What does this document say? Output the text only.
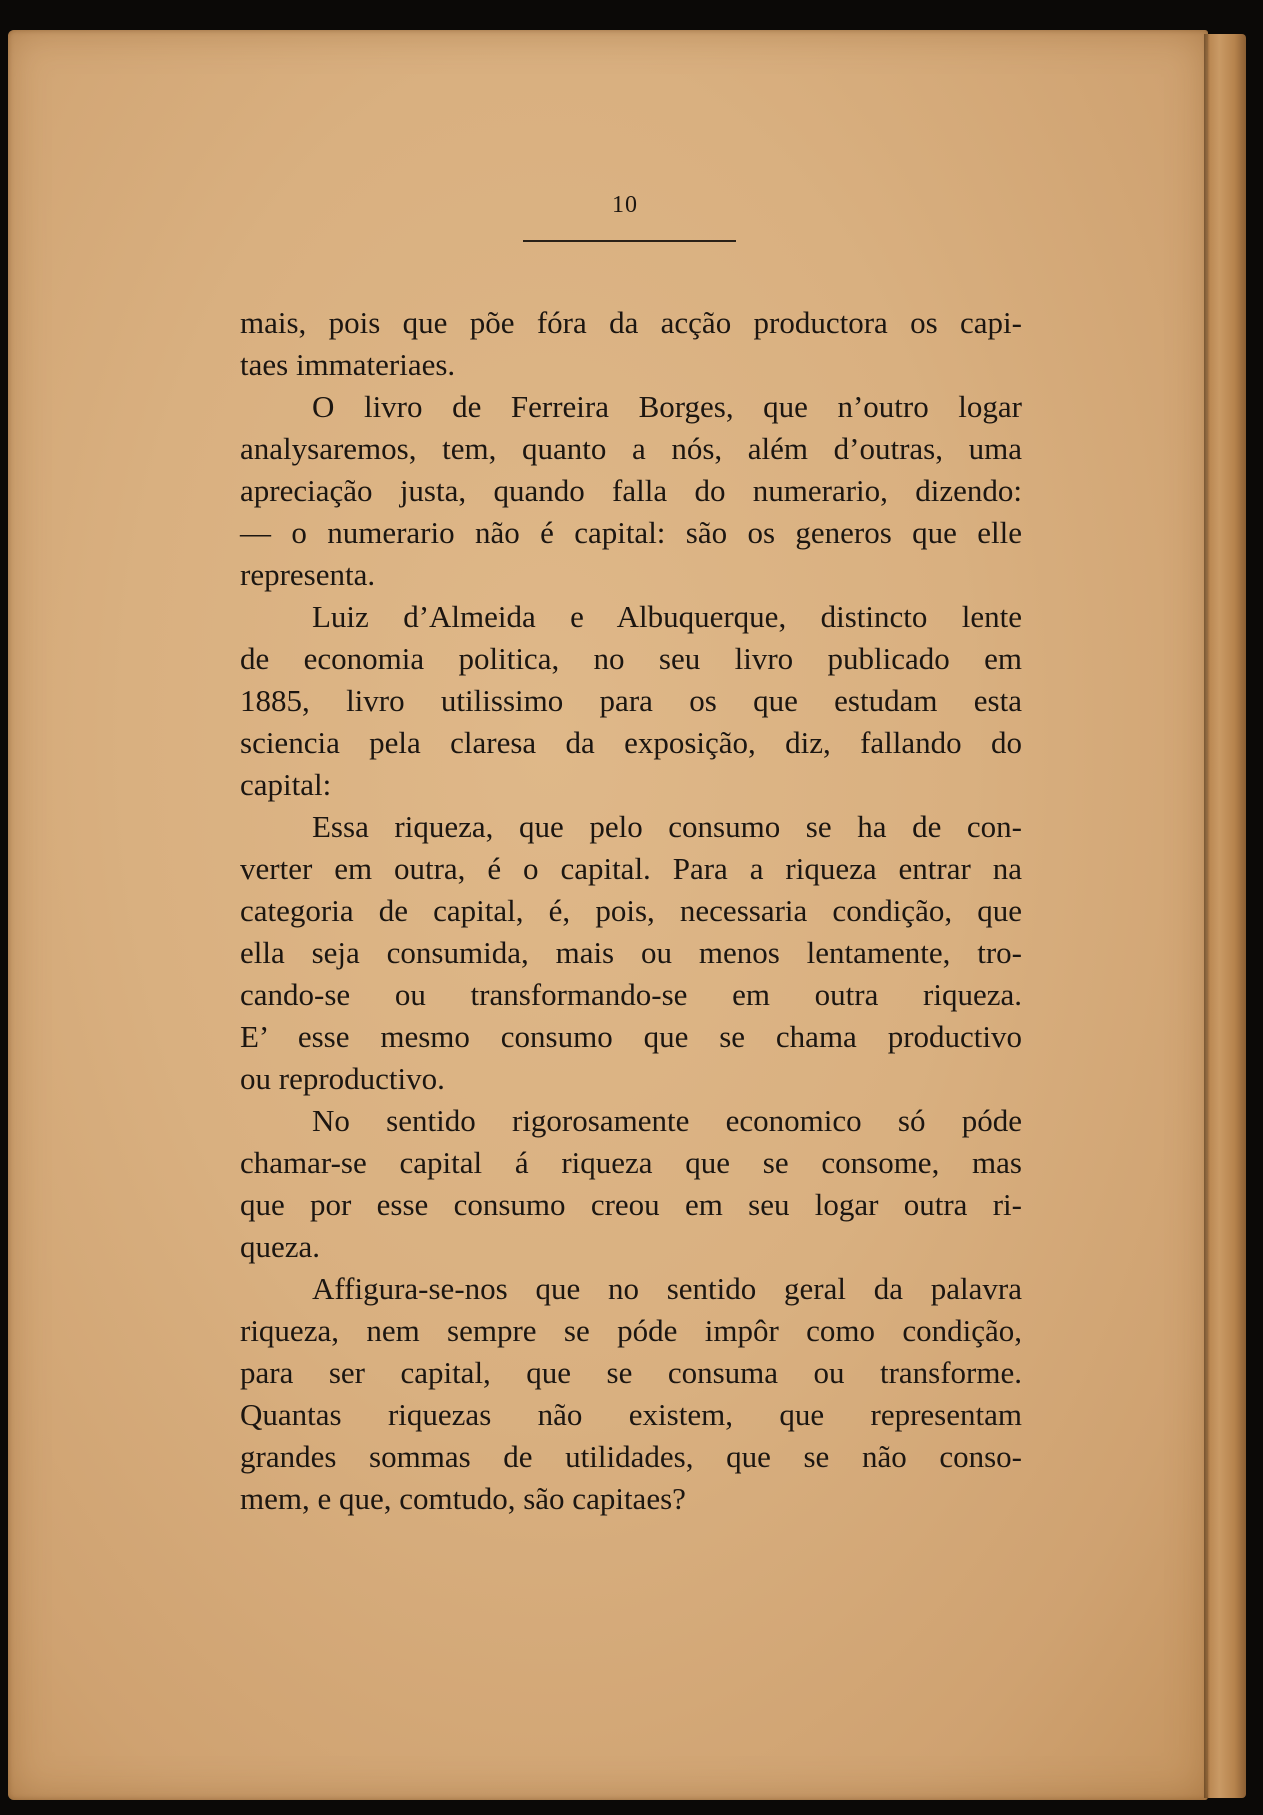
10
mais, pois que põe fóra da acção productora os capi-
taes immateriaes.
O livro de Ferreira Borges, que n’outro logar
analysaremos, tem, quanto a nós, além d’outras, uma
apreciação justa, quando falla do numerario, dizendo:
— o numerario não é capital: são os generos que elle
representa.
Luiz d’Almeida e Albuquerque, distincto lente
de economia politica, no seu livro publicado em
1885, livro utilissimo para os que estudam esta
sciencia pela claresa da exposição, diz, fallando do
capital:
Essa riqueza, que pelo consumo se ha de con-
verter em outra, é o capital. Para a riqueza entrar na
categoria de capital, é, pois, necessaria condição, que
ella seja consumida, mais ou menos lentamente, tro-
cando-se ou transformando-se em outra riqueza.
E’ esse mesmo consumo que se chama productivo
ou reproductivo.
No sentido rigorosamente economico só póde
chamar-se capital á riqueza que se consome, mas
que por esse consumo creou em seu logar outra ri-
queza.
Affigura-se-nos que no sentido geral da palavra
riqueza, nem sempre se póde impôr como condição,
para ser capital, que se consuma ou transforme.
Quantas riquezas não existem, que representam
grandes sommas de utilidades, que se não conso-
mem, e que, comtudo, são capitaes?
